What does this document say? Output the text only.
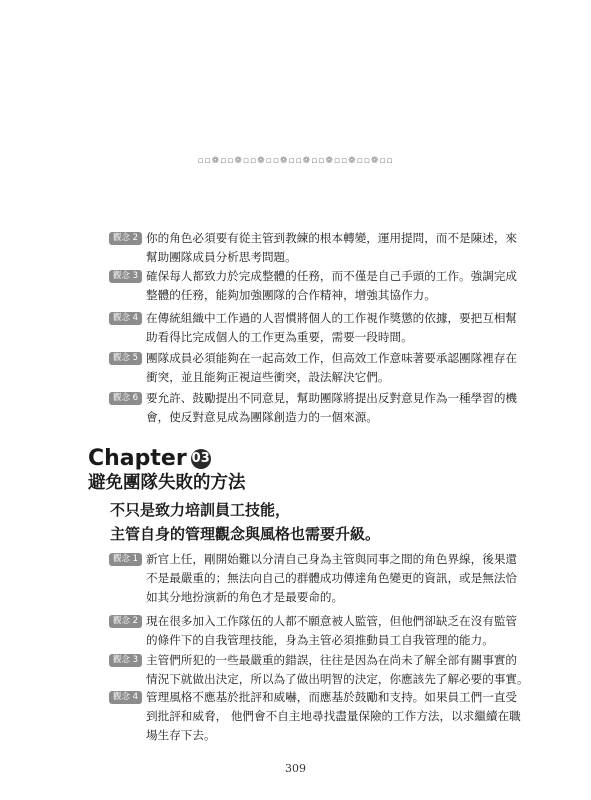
▫▫❁▫▫❁▫▫❁▫▫❁▫▫❁▫▫❁▫▫❁▫▫❁▫▫
觀念 2 你的角色必須要有從主管到教練的根本轉變，運用提問，而不是陳述，來
幫助團隊成員分析思考問題。
觀念 3 確保每人都致力於完成整體的任務，而不僅是自己手頭的工作。強調完成
整體的任務，能夠加強團隊的合作精神，增強其協作力。
觀念 4 在傳統組織中工作過的人習慣將個人的工作視作獎懲的依據，要把互相幫
助看得比完成個人的工作更為重要，需要一段時間。
觀念 5 團隊成員必須能夠在一起高效工作，但高效工作意味著要承認團隊裡存在
衝突，並且能夠正視這些衝突，設法解決它們。
觀念 6 要允許、鼓勵提出不同意見，幫助團隊將提出反對意見作為一種學習的機
會，使反對意見成為團隊創造力的一個來源。
Chapter 03
避免團隊失敗的方法
不只是致力培訓員工技能，
主管自身的管理觀念與風格也需要升級。
觀念 1 新官上任，剛開始難以分清自己身為主管與同事之間的角色界線，後果還
不是最嚴重的；無法向自己的群體成功傳達角色變更的資訊，或是無法恰
如其分地扮演新的角色才是最要命的。
觀念 2 現在很多加入工作隊伍的人都不願意被人監管，但他們卻缺乏在沒有監管
的條件下的自我管理技能，身為主管必須推動員工自我管理的能力。
觀念 3 主管們所犯的一些最嚴重的錯誤，往往是因為在尚未了解全部有關事實的
情況下就做出決定，所以為了做出明智的決定，你應該先了解必要的事實。
觀念 4 管理風格不應基於批評和威嚇，而應基於鼓勵和支持。如果員工們一直受
到批評和威脅， 他們會不自主地尋找盡量保險的工作方法，以求繼續在職
場生存下去。
309
